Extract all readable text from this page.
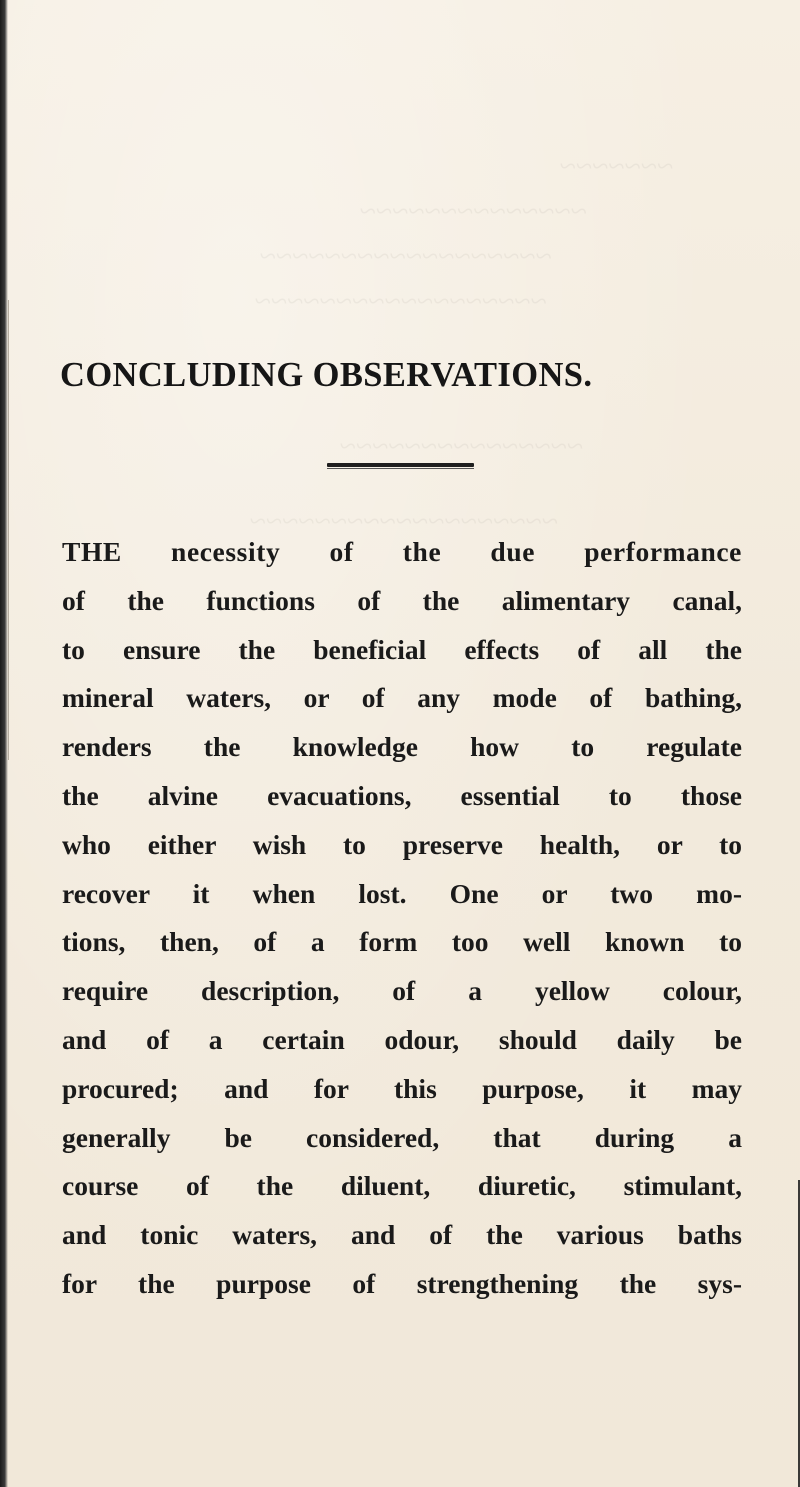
~~~~~~~
~~~~~~~~~~~~~~
~~~~~~~~~~~~~~~~~~
~~~~~~~~~~~~~~~~~~
~~~~~~~~~~~~~~~
~~~~~~~~~~~~~~~~~~~
CONCLUDING OBSERVATIONS.
THE necessity of the due performance
of the functions of the alimentary canal,
to ensure the beneficial effects of all the
mineral waters, or of any mode of bathing,
renders the knowledge how to regulate
the alvine evacuations, essential to those
who either wish to preserve health, or to
recover it when lost. One or two mo-
tions, then, of a form too well known to
require description, of a yellow colour,
and of a certain odour, should daily be
procured; and for this purpose, it may
generally be considered, that during a
course of the diluent, diuretic, stimulant,
and tonic waters, and of the various baths
for the purpose of strengthening the sys-
